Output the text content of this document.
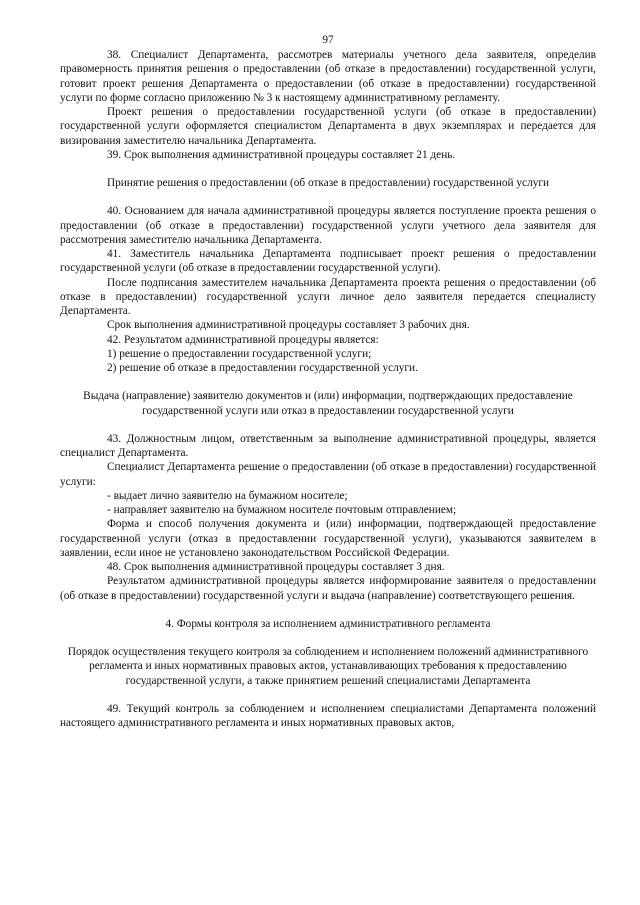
97

38. Специалист Департамента, рассмотрев материалы учетного дела заявителя, определив правомерность принятия решения о предоставлении (об отказе в предоставлении) государственной услуги, готовит проект решения Департамента о предоставлении (об отказе в предоставлении) государственной услуги по форме согласно приложению № 3 к настоящему административному регламенту.

Проект решения о предоставлении государственной услуги (об отказе в предоставлении) государственной услуги оформляется специалистом Департамента в двух экземплярах и передается для визирования заместителю начальника Департамента.

39. Срок выполнения административной процедуры составляет 21 день.

Принятие решения о предоставлении (об отказе в предоставлении) государственной услуги

40. Основанием для начала административной процедуры является поступление проекта решения о предоставлении (об отказе в предоставлении) государственной услуги учетного дела заявителя для рассмотрения заместителю начальника Департамента.

41. Заместитель начальника Департамента подписывает проект решения о предоставлении государственной услуги (об отказе в предоставлении государственной услуги).

После подписания заместителем начальника Департамента проекта решения о предоставлении (об отказе в предоставлении) государственной услуги личное дело заявителя передается специалисту Департамента.

Срок выполнения административной процедуры составляет 3 рабочих дня.

42. Результатом административной процедуры является:

1) решение о предоставлении государственной услуги;

2) решение об отказе в предоставлении государственной услуги.

Выдача (направление) заявителю документов и (или) информации, подтверждающих предоставление государственной услуги или отказ в предоставлении государственной услуги

43. Должностным лицом, ответственным за выполнение административной процедуры, является специалист Департамента.

Специалист Департамента решение о предоставлении (об отказе в предоставлении) государственной услуги:

- выдает лично заявителю на бумажном носителе;

- направляет заявителю на бумажном носителе почтовым отправлением;

Форма и способ получения документа и (или) информации, подтверждающей предоставление государственной услуги (отказ в предоставлении государственной услуги), указываются заявителем в заявлении, если иное не установлено законодательством Российской Федерации.

48. Срок выполнения административной процедуры составляет 3 дня.

Результатом административной процедуры является информирование заявителя о предоставлении (об отказе в предоставлении) государственной услуги и выдача (направление) соответствующего решения.

4. Формы контроля за исполнением административного регламента

Порядок осуществления текущего контроля за соблюдением и исполнением положений административного регламента и иных нормативных правовых актов, устанавливающих требования к предоставлению государственной услуги, а также принятием решений специалистами Департамента

49. Текущий контроль за соблюдением и исполнением специалистами Департамента положений настоящего административного регламента и иных нормативных правовых актов,
